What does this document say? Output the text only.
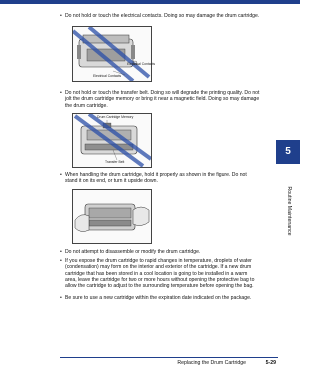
• Do not hold or touch the electrical contacts. Doing so may damage the drum cartridge.
Electrical Contacts
Electrical Contacts
• Do not hold or touch the transfer belt. Doing so will degrade the printing quality. Do not jolt the drum cartridge memory or bring it near a magnetic field. Doing so may damage the drum cartridge.
Drum Cartridge Memory
Transfer Belt
• When handling the drum cartridge, hold it properly as shown in the figure. Do not stand it on its end, or turn it upside down.
• Do not attempt to disassemble or modify the drum cartridge.
• If you expose the drum cartridge to rapid changes in temperature, droplets of water (condensation) may form on the interior and exterior of the cartridge. If a new drum cartridge that has been stored in a cool location is going to be installed in a warm area, leave the cartridge for two or more hours without opening the protective bag to allow the cartridge to adjust to the surrounding temperature before opening the bag.
• Be sure to use a new cartridge within the expiration date indicated on the package.
5
Routine Maintenance
Replacing the Drum Cartridge	5-29
